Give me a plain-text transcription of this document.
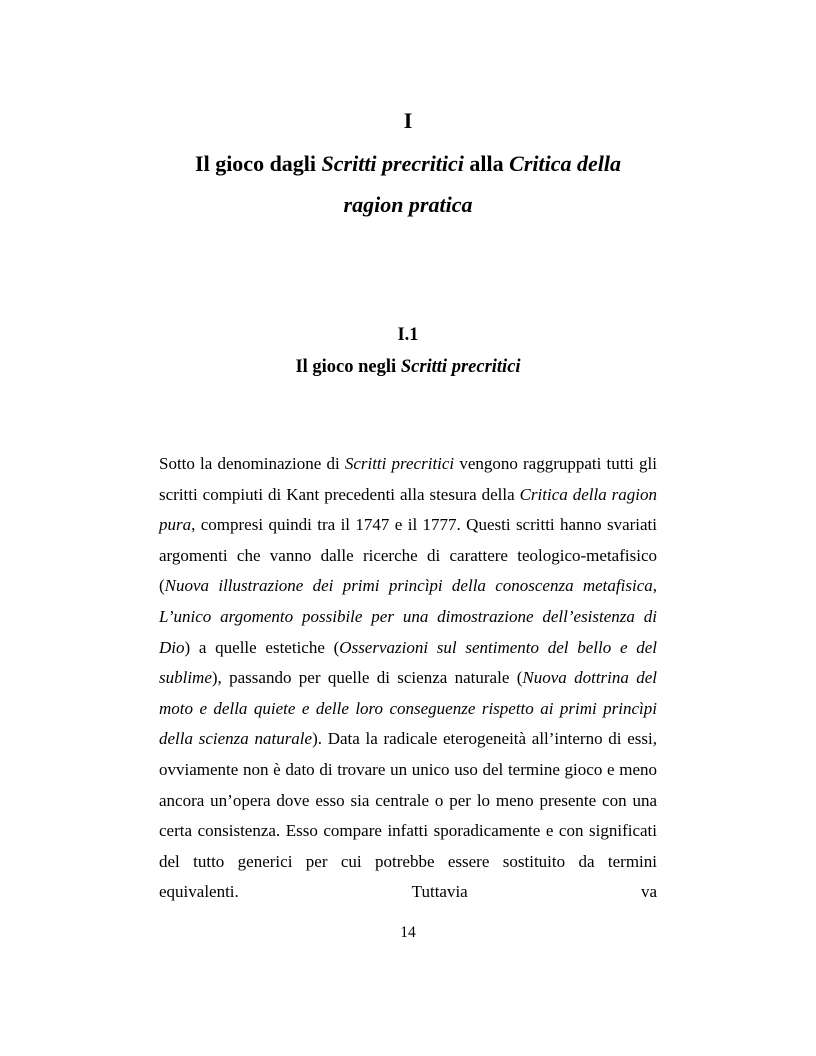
I
Il gioco dagli Scritti precritici alla Critica della
ragion pratica
I.1
Il gioco negli Scritti precritici

Sotto la denominazione di Scritti precritici vengono raggruppati tutti gli scritti compiuti di Kant precedenti alla stesura della Critica della ragion pura, compresi quindi tra il 1747 e il 1777. Questi scritti hanno svariati argomenti che vanno dalle ricerche di carattere teologico-metafisico (Nuova illustrazione dei primi princìpi della conoscenza metafisica, L’unico argomento possibile per una dimostrazione dell’esistenza di Dio) a quelle estetiche (Osservazioni sul sentimento del bello e del sublime), passando per quelle di scienza naturale (Nuova dottrina del moto e della quiete e delle loro conseguenze rispetto ai primi princìpi della scienza naturale). Data la radicale eterogeneità all’interno di essi, ovviamente non è dato di trovare un unico uso del termine gioco e meno ancora un’opera dove esso sia centrale o per lo meno presente con una certa consistenza. Esso compare infatti sporadicamente e con significati del tutto generici per cui potrebbe essere sostituito da termini equivalenti. Tuttavia va

14
